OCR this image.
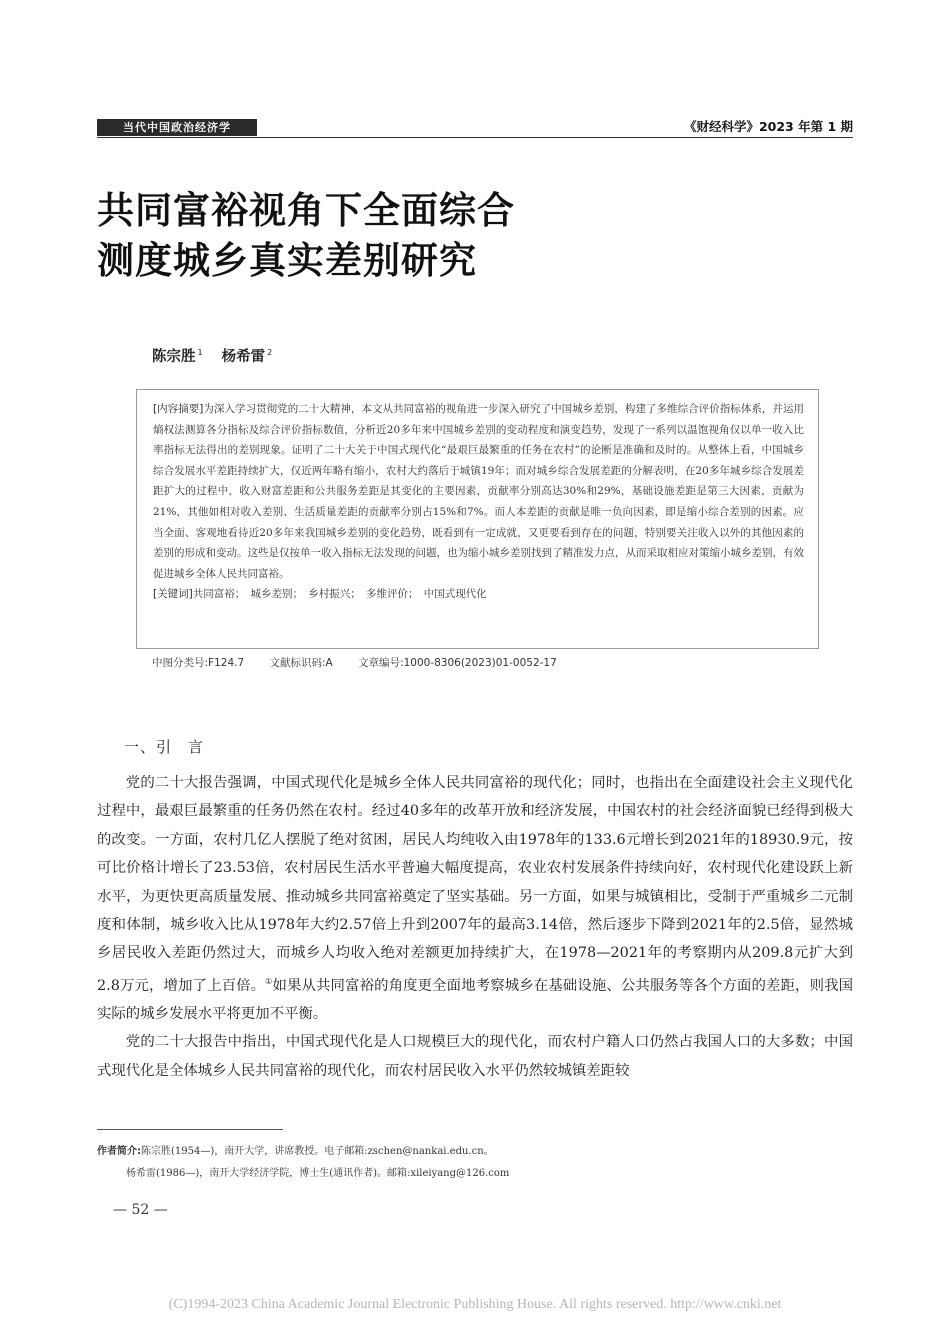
当代中国政治经济学	《财经科学》2023 年第 1 期
共同富裕视角下全面综合
测度城乡真实差别研究
陈宗胜 $^1$ 杨希雷 $^2$
[内容摘要]为深入学习贯彻党的二十大精神，本文从共同富裕的视角进一步深入研究了中国城乡差别，构建了多维综合评价指标体系，并运用熵权法测算各分指标及综合评价指标数值，分析近20多年来中国城乡差别的变动程度和演变趋势，发现了一系列以温饱视角仅以单一收入比率指标无法得出的差别现象。证明了二十大关于中国式现代化“最艰巨最繁重的任务在农村”的论断是准确和及时的。从整体上看，中国城乡综合发展水平差距持续扩大，仅近两年略有缩小，农村大约落后于城镇19年；而对城乡综合发展差距的分解表明，在20多年城乡综合发展差距扩大的过程中，收入财富差距和公共服务差距是其变化的主要因素，贡献率分别高达30%和29%，基础设施差距是第三大因素，贡献为21%，其他如相对收入差别、生活质量差距的贡献率分别占15%和7%。而人本差距的贡献是唯一负向因素，即是缩小综合差别的因素。应当全面、客观地看待近20多年来我国城乡差别的变化趋势，既看到有一定成就，又更要看到存在的问题，特别要关注收入以外的其他因素的差别的形成和变动。这些是仅按单一收入指标无法发现的问题，也为缩小城乡差别找到了精准发力点，从而采取相应对策缩小城乡差别，有效促进城乡全体人民共同富裕。
[关键词]共同富裕；　城乡差别；　乡村振兴；　多维评价；　中国式现代化
中图分类号:F124.7 文献标识码:A 文章编号:1000-8306(2023)01-0052-17
一、引　言

党的二十大报告强调，中国式现代化是城乡全体人民共同富裕的现代化；同时，也指出在全面建设社会主义现代化过程中，最艰巨最繁重的任务仍然在农村。经过40多年的改革开放和经济发展，中国农村的社会经济面貌已经得到极大的改变。一方面，农村几亿人摆脱了绝对贫困，居民人均纯收入由1978年的133.6元增长到2021年的18930.9元，按可比价格计增长了23.53倍，农村居民生活水平普遍大幅度提高，农业农村发展条件持续向好，农村现代化建设跃上新水平，为更快更高质量发展、推动城乡共同富裕奠定了坚实基础。另一方面，如果与城镇相比，受制于严重城乡二元制度和体制，城乡收入比从1978年大约2.57倍上升到2007年的最高3.14倍，然后逐步下降到2021年的2.5倍，显然城乡居民收入差距仍然过大，而城乡人均收入绝对差额更加持续扩大，在1978—2021年的考察期内从209.8元扩大到2.8万元，增加了上百倍。①如果从共同富裕的角度更全面地考察城乡在基础设施、公共服务等各个方面的差距，则我国实际的城乡发展水平将更加不平衡。

党的二十大报告中指出，中国式现代化是人口规模巨大的现代化，而农村户籍人口仍然占我国人口的大多数；中国式现代化是全体城乡人民共同富裕的现代化，而农村居民收入水平仍然较城镇差距较

作者简介:陈宗胜(1954—)，南开大学，讲席教授。电子邮箱:zschen@nankai.edu.cn。
杨希雷(1986—)，南开大学经济学院，博士生(通讯作者)。邮箱:xileiyang@126.com
— 52 —
(C)1994-2023 China Academic Journal Electronic Publishing House. All rights reserved. http://www.cnki.net
